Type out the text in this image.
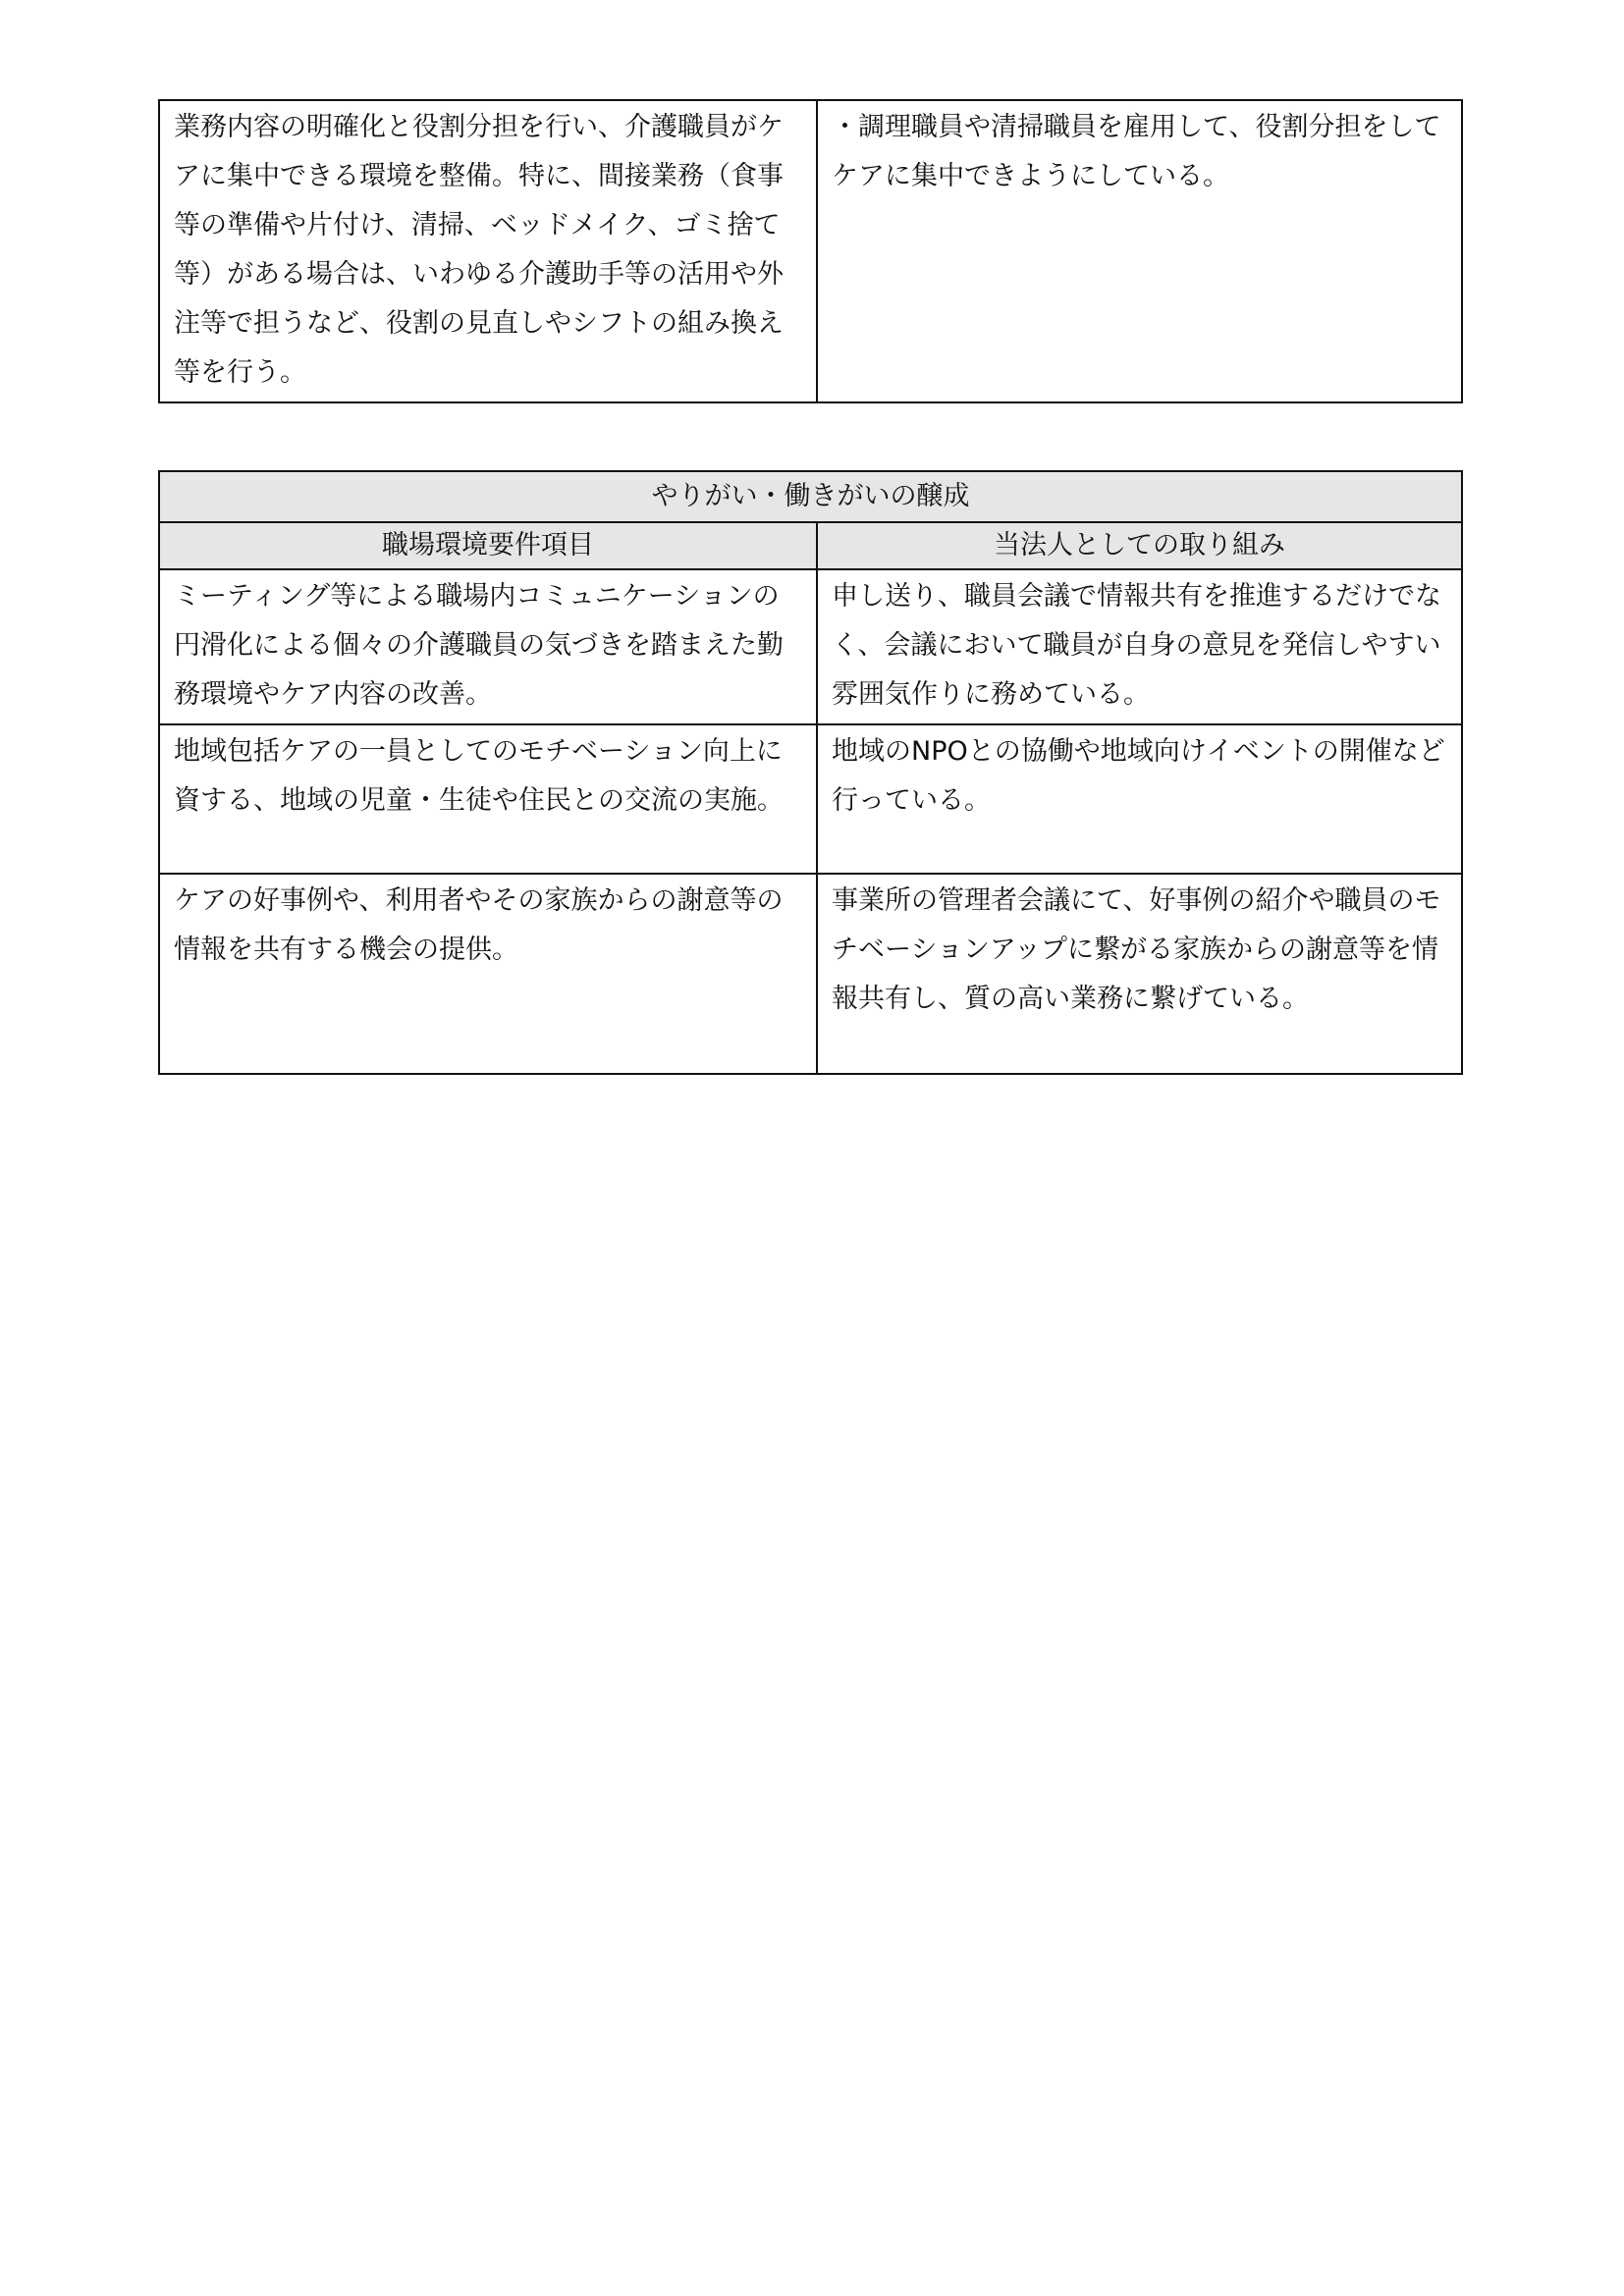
業務内容の明確化と役割分担を行い、介護職員がケアに集中できる環境を整備。特に、間接業務（食事等の準備や片付け、清掃、ベッドメイク、ゴミ捨て等）がある場合は、いわゆる介護助手等の活用や外注等で担うなど、役割の見直しやシフトの組み換え等を行う。	・調理職員や清掃職員を雇用して、役割分担をしてケアに集中できようにしている。
やりがい・働きがいの醸成	
職場環境要件項目	当法人としての取り組み
ミーティング等による職場内コミュニケーションの円滑化による個々の介護職員の気づきを踏まえた勤務環境やケア内容の改善。	申し送り、職員会議で情報共有を推進するだけでなく、会議において職員が自身の意見を発信しやすい雰囲気作りに務めている。
地域包括ケアの一員としてのモチベーション向上に資する、地域の児童・生徒や住民との交流の実施。	地域のNPOとの協働や地域向けイベントの開催など行っている。
ケアの好事例や、利用者やその家族からの謝意等の情報を共有する機会の提供。	事業所の管理者会議にて、好事例の紹介や職員のモチベーションアップに繋がる家族からの謝意等を情報共有し、質の高い業務に繋げている。
